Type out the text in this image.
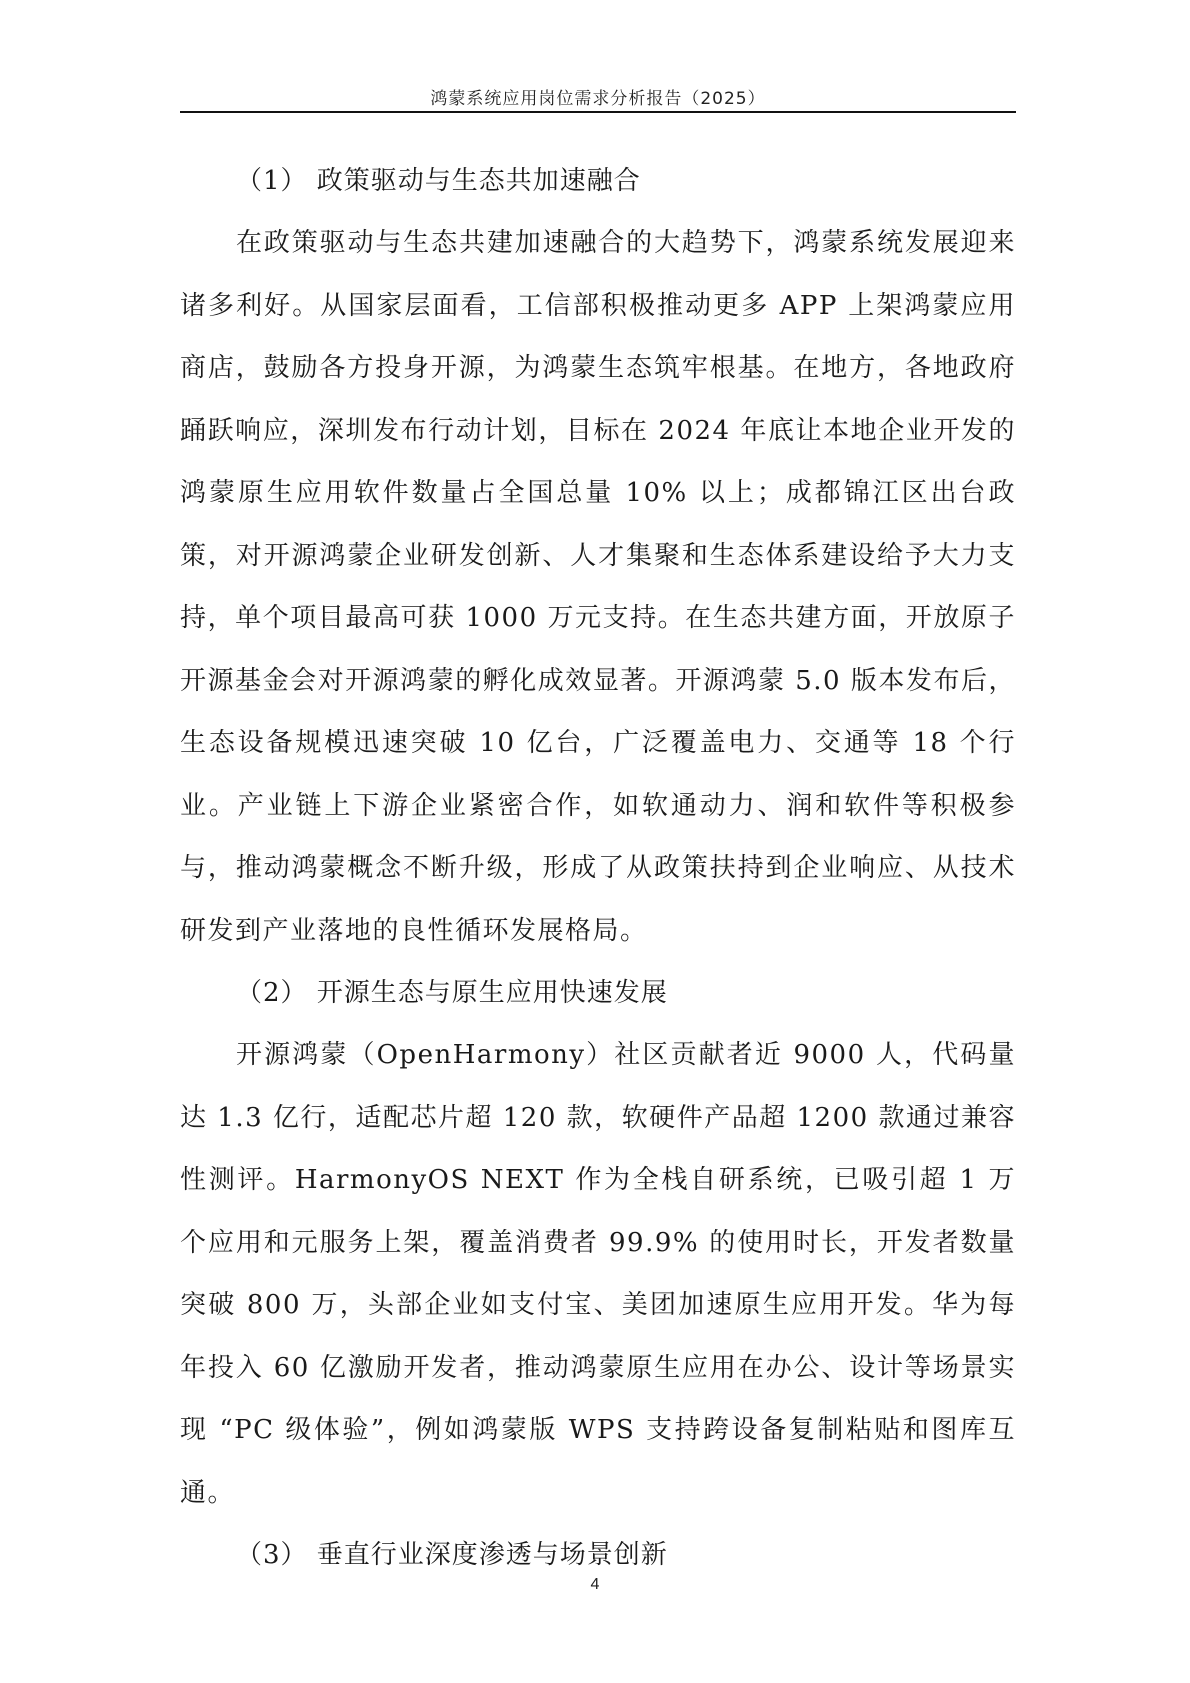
鸿蒙系统应用岗位需求分析报告（2025）
（1） 政策驱动与生态共加速融合

在政策驱动与生态共建加速融合的大趋势下，鸿蒙系统发展迎来诸多利好。从国家层面看，工信部积极推动更多 APP 上架鸿蒙应用商店，鼓励各方投身开源，为鸿蒙生态筑牢根基。在地方，各地政府踊跃响应，深圳发布行动计划，目标在 2024 年底让本地企业开发的鸿蒙原生应用软件数量占全国总量 10% 以上；成都锦江区出台政策，对开源鸿蒙企业研发创新、人才集聚和生态体系建设给予大力支持，单个项目最高可获 1000 万元支持。在生态共建方面，开放原子开源基金会对开源鸿蒙的孵化成效显著。开源鸿蒙 5.0 版本发布后，生态设备规模迅速突破 10 亿台，广泛覆盖电力、交通等 18 个行业。产业链上下游企业紧密合作，如软通动力、润和软件等积极参与，推动鸿蒙概念不断升级，形成了从政策扶持到企业响应、从技术研发到产业落地的良性循环发展格局。

（2） 开源生态与原生应用快速发展

开源鸿蒙（OpenHarmony）社区贡献者近 9000 人，代码量达 1.3 亿行，适配芯片超 120 款，软硬件产品超 1200 款通过兼容性测评。HarmonyOS NEXT 作为全栈自研系统，已吸引超 1 万个应用和元服务上架，覆盖消费者 99.9% 的使用时长，开发者数量突破 800 万，头部企业如支付宝、美团加速原生应用开发。华为每年投入 60 亿激励开发者，推动鸿蒙原生应用在办公、设计等场景实现 “PC 级体验”，例如鸿蒙版 WPS 支持跨设备复制粘贴和图库互通。

（3） 垂直行业深度渗透与场景创新
4
